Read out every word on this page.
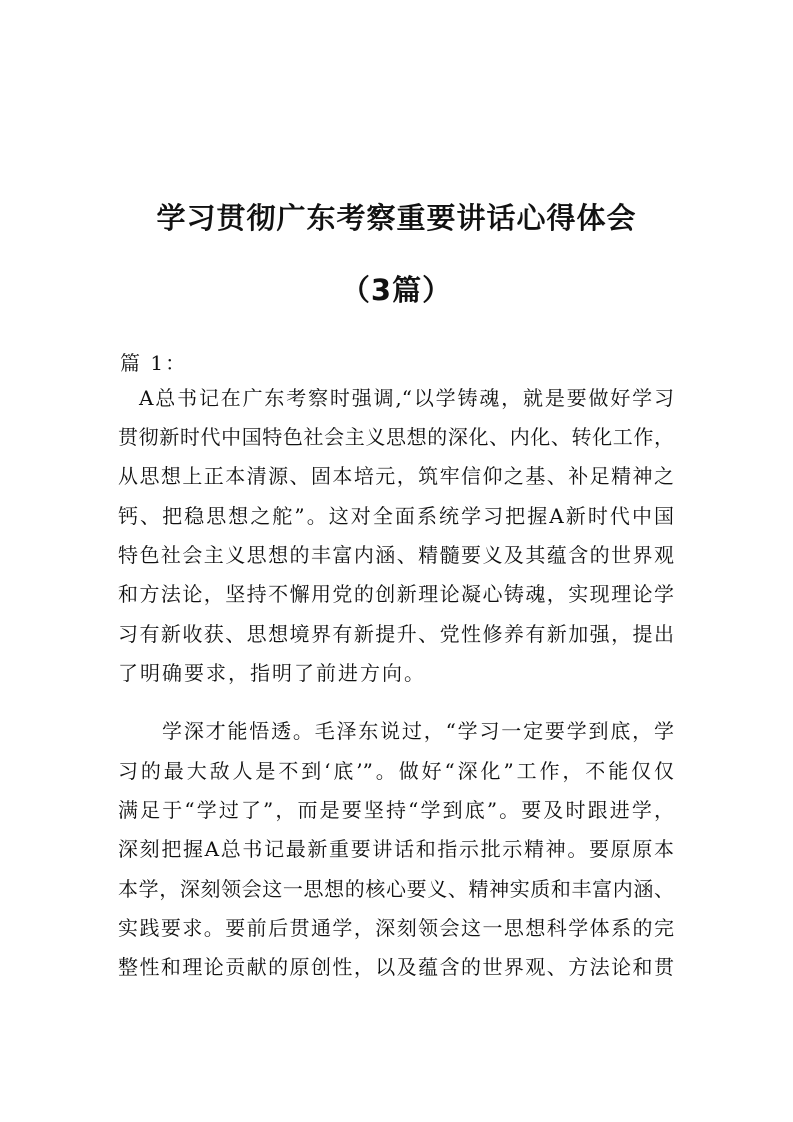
学习贯彻广东考察重要讲话心得体会
（3篇）
篇 1：
A总书记在广东考察时强调,“以学铸魂，就是要做好学习
贯彻新时代中国特色社会主义思想的深化、内化、转化工作，
从思想上正本清源、固本培元，筑牢信仰之基、补足精神之
钙、把稳思想之舵”。这对全面系统学习把握A新时代中国
特色社会主义思想的丰富内涵、精髓要义及其蕴含的世界观
和方法论，坚持不懈用党的创新理论凝心铸魂，实现理论学
习有新收获、思想境界有新提升、党性修养有新加强，提出
了明确要求，指明了前进方向。
学深才能悟透。毛泽东说过，“学习一定要学到底，学
习的最大敌人是不到‘底’”。做好“深化”工作，不能仅仅
满足于“学过了”，而是要坚持“学到底”。要及时跟进学，
深刻把握A总书记最新重要讲话和指示批示精神。要原原本
本学，深刻领会这一思想的核心要义、精神实质和丰富内涵、
实践要求。要前后贯通学，深刻领会这一思想科学体系的完
整性和理论贡献的原创性，以及蕴含的世界观、方法论和贯
